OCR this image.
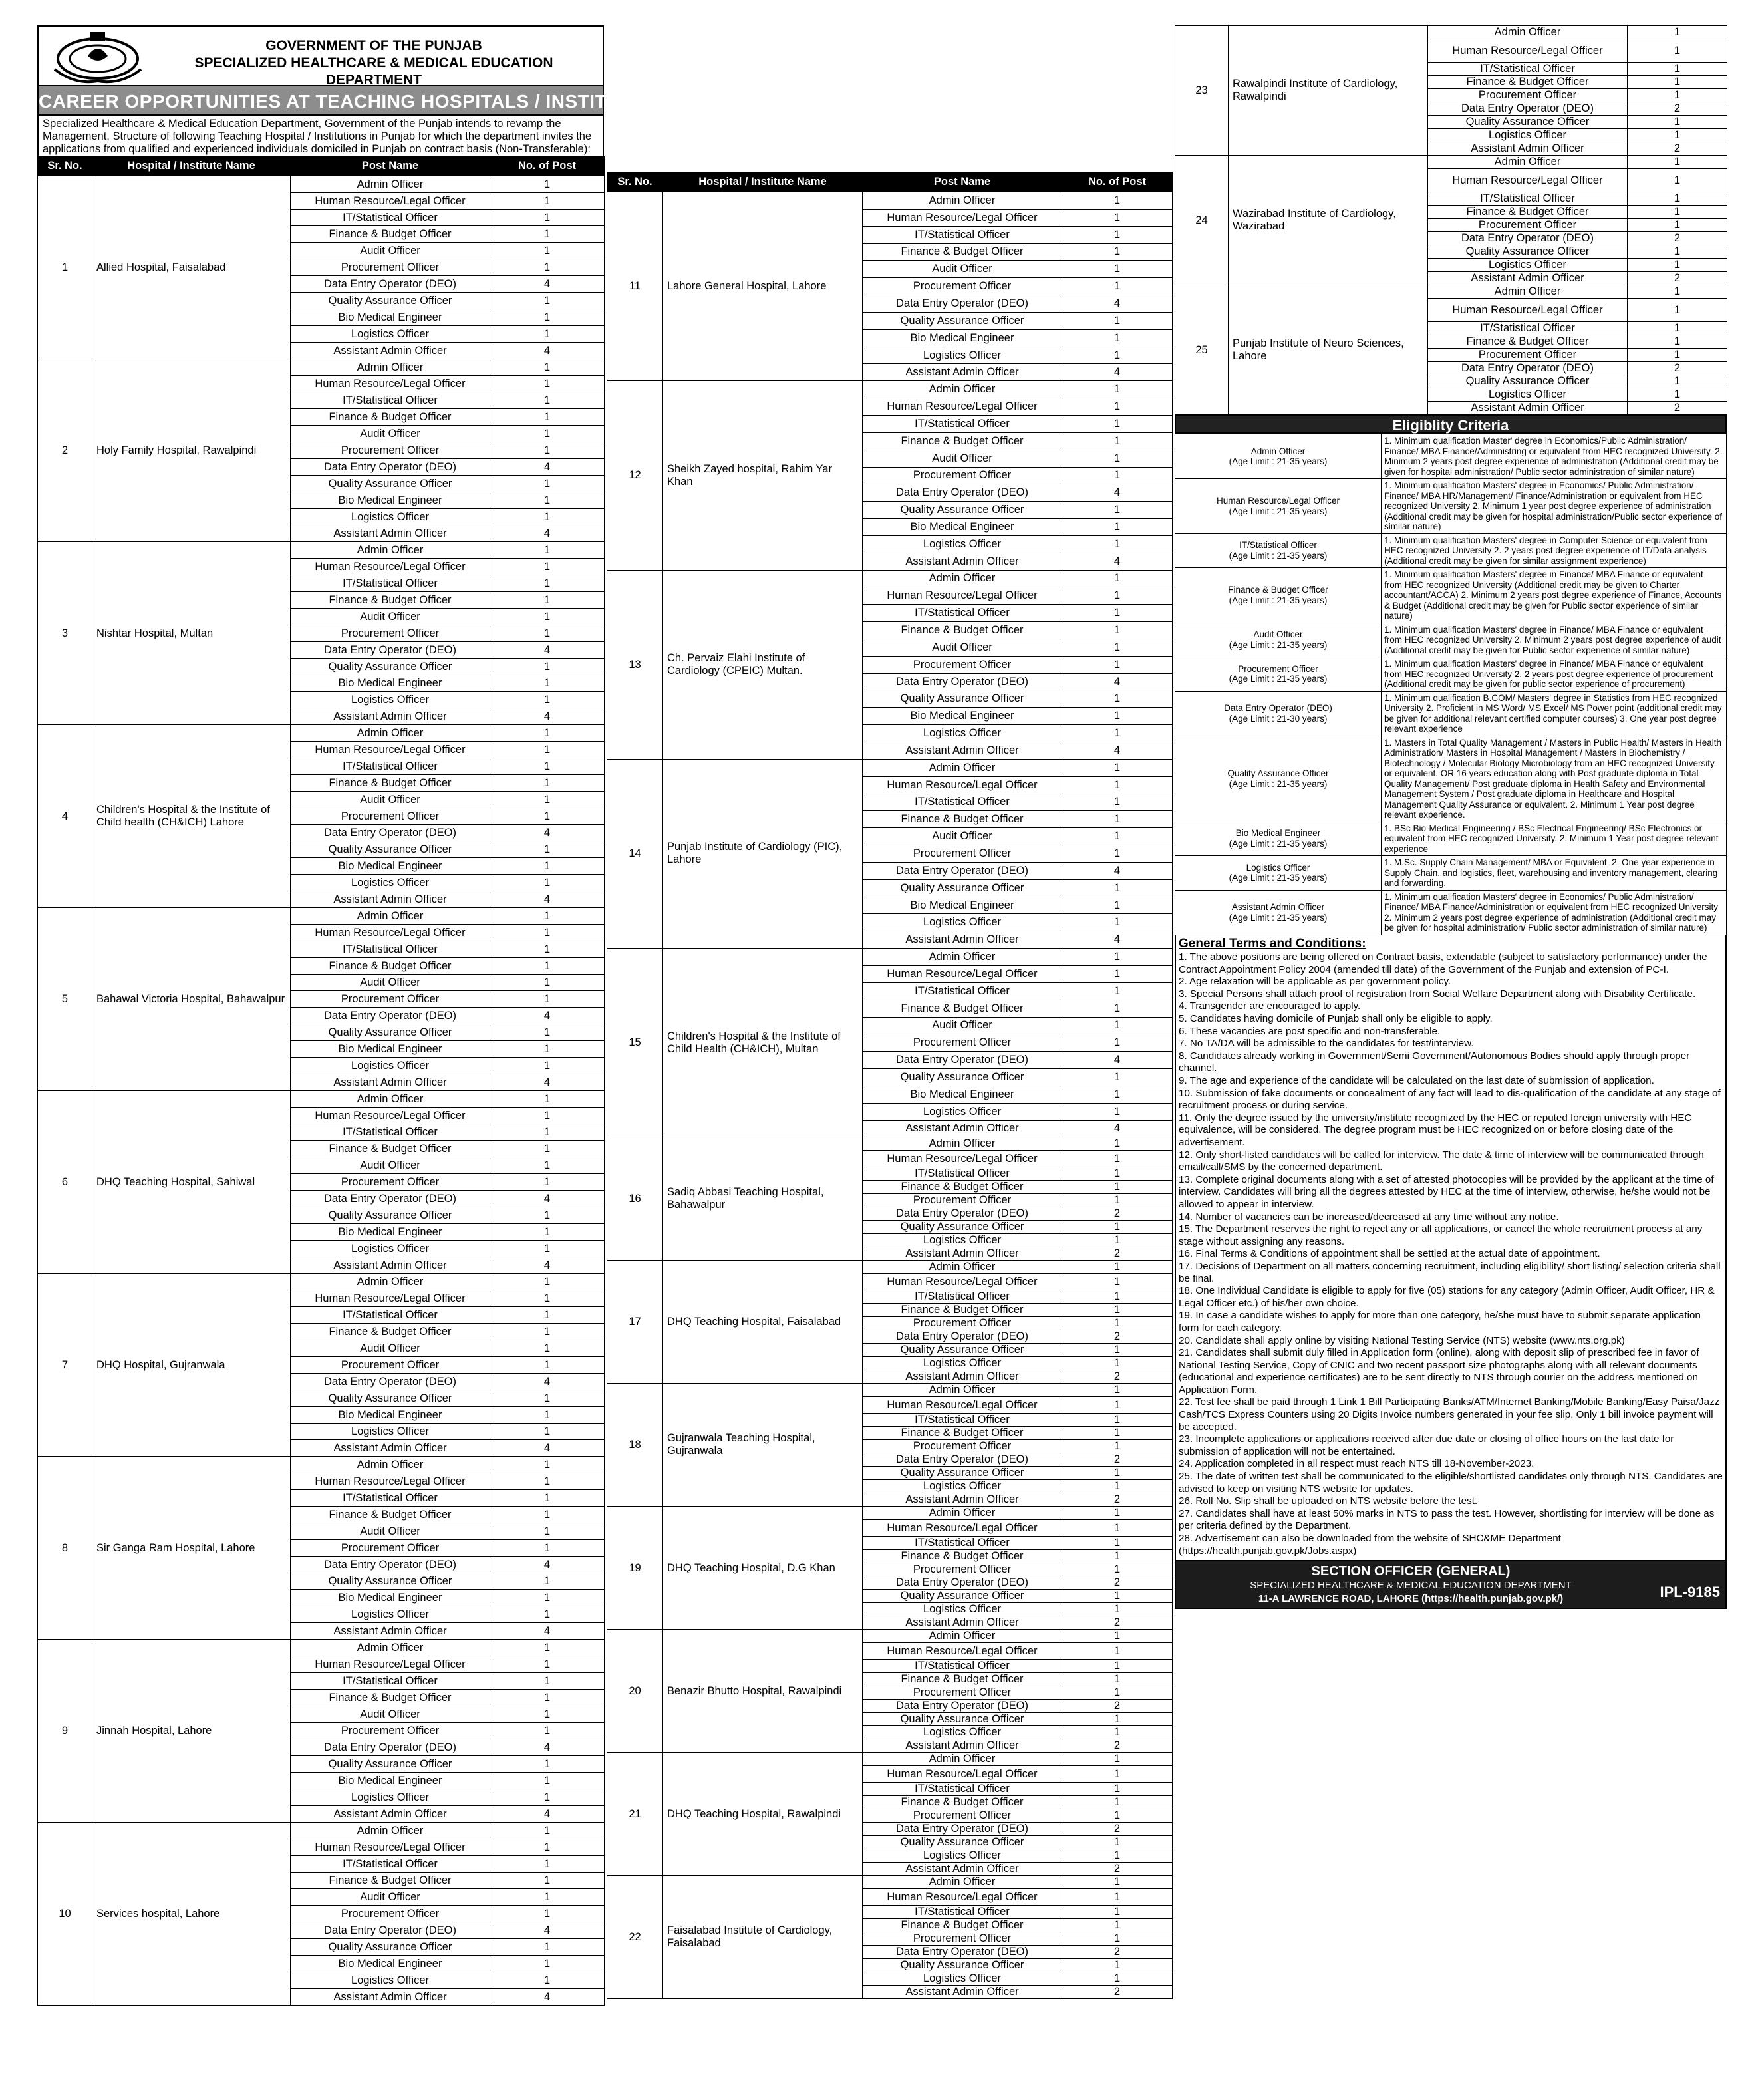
GOVERNMENT OF THE PUNJAB
SPECIALIZED HEALTHCARE & MEDICAL EDUCATION DEPARTMENT
CAREER OPPORTUNITIES AT TEACHING HOSPITALS / INSTITUTES UNDER SHC&ME DEPARTMENT
Specialized Healthcare & Medical Education Department, Government of the Punjab intends to revamp the Management, Structure of following Teaching Hospital / Institutions in Punjab for which the department invites the applications from qualified and experienced individuals domiciled in Punjab on contract basis (Non-Transferable):
Sr. No.	Hospital / Institute Name	Post Name	No. of Post
1	Allied Hospital, Faisalabad	Admin Officer	1
		Human Resource/Legal Officer	1
		IT/Statistical Officer	1
		Finance & Budget Officer	1
		Audit Officer	1
		Procurement Officer	1
		Data Entry Operator (DEO)	4
		Quality Assurance Officer	1
		Bio Medical Engineer	1
		Logistics Officer	1
		Assistant Admin Officer	4
2	Holy Family Hospital, Rawalpindi	Admin Officer	1
		Human Resource/Legal Officer	1
		IT/Statistical Officer	1
		Finance & Budget Officer	1
		Audit Officer	1
		Procurement Officer	1
		Data Entry Operator (DEO)	4
		Quality Assurance Officer	1
		Bio Medical Engineer	1
		Logistics Officer	1
		Assistant Admin Officer	4
3	Nishtar Hospital, Multan	Admin Officer	1
		Human Resource/Legal Officer	1
		IT/Statistical Officer	1
		Finance & Budget Officer	1
		Audit Officer	1
		Procurement Officer	1
		Data Entry Operator (DEO)	4
		Quality Assurance Officer	1
		Bio Medical Engineer	1
		Logistics Officer	1
		Assistant Admin Officer	4
4	Children's Hospital & the Institute of Child health (CH&ICH) Lahore	Admin Officer	1
		Human Resource/Legal Officer	1
		IT/Statistical Officer	1
		Finance & Budget Officer	1
		Audit Officer	1
		Procurement Officer	1
		Data Entry Operator (DEO)	4
		Quality Assurance Officer	1
		Bio Medical Engineer	1
		Logistics Officer	1
		Assistant Admin Officer	4
5	Bahawal Victoria Hospital, Bahawalpur	Admin Officer	1
		Human Resource/Legal Officer	1
		IT/Statistical Officer	1
		Finance & Budget Officer	1
		Audit Officer	1
		Procurement Officer	1
		Data Entry Operator (DEO)	4
		Quality Assurance Officer	1
		Bio Medical Engineer	1
		Logistics Officer	1
		Assistant Admin Officer	4
6	DHQ Teaching Hospital, Sahiwal	Admin Officer	1
		Human Resource/Legal Officer	1
		IT/Statistical Officer	1
		Finance & Budget Officer	1
		Audit Officer	1
		Procurement Officer	1
		Data Entry Operator (DEO)	4
		Quality Assurance Officer	1
		Bio Medical Engineer	1
		Logistics Officer	1
		Assistant Admin Officer	4
7	DHQ Hospital, Gujranwala	Admin Officer	1
		Human Resource/Legal Officer	1
		IT/Statistical Officer	1
		Finance & Budget Officer	1
		Audit Officer	1
		Procurement Officer	1
		Data Entry Operator (DEO)	4
		Quality Assurance Officer	1
		Bio Medical Engineer	1
		Logistics Officer	1
		Assistant Admin Officer	4
8	Sir Ganga Ram Hospital, Lahore	Admin Officer	1
		Human Resource/Legal Officer	1
		IT/Statistical Officer	1
		Finance & Budget Officer	1
		Audit Officer	1
		Procurement Officer	1
		Data Entry Operator (DEO)	4
		Quality Assurance Officer	1
		Bio Medical Engineer	1
		Logistics Officer	1
		Assistant Admin Officer	4
9	Jinnah Hospital, Lahore	Admin Officer	1
		Human Resource/Legal Officer	1
		IT/Statistical Officer	1
		Finance & Budget Officer	1
		Audit Officer	1
		Procurement Officer	1
		Data Entry Operator (DEO)	4
		Quality Assurance Officer	1
		Bio Medical Engineer	1
		Logistics Officer	1
		Assistant Admin Officer	4
10	Services hospital, Lahore	Admin Officer	1
		Human Resource/Legal Officer	1
		IT/Statistical Officer	1
		Finance & Budget Officer	1
		Audit Officer	1
		Procurement Officer	1
		Data Entry Operator (DEO)	4
		Quality Assurance Officer	1
		Bio Medical Engineer	1
		Logistics Officer	1
		Assistant Admin Officer	4
Sr. No.	Hospital / Institute Name	Post Name	No. of Post
11	Lahore General Hospital, Lahore	Admin Officer	1
		Human Resource/Legal Officer	1
		IT/Statistical Officer	1
		Finance & Budget Officer	1
		Audit Officer	1
		Procurement Officer	1
		Data Entry Operator (DEO)	4
		Quality Assurance Officer	1
		Bio Medical Engineer	1
		Logistics Officer	1
		Assistant Admin Officer	4
12	Sheikh Zayed hospital, Rahim Yar Khan	Admin Officer	1
		Human Resource/Legal Officer	1
		IT/Statistical Officer	1
		Finance & Budget Officer	1
		Audit Officer	1
		Procurement Officer	1
		Data Entry Operator (DEO)	4
		Quality Assurance Officer	1
		Bio Medical Engineer	1
		Logistics Officer	1
		Assistant Admin Officer	4
13	Ch. Pervaiz Elahi Institute of Cardiology (CPEIC) Multan.	Admin Officer	1
		Human Resource/Legal Officer	1
		IT/Statistical Officer	1
		Finance & Budget Officer	1
		Audit Officer	1
		Procurement Officer	1
		Data Entry Operator (DEO)	4
		Quality Assurance Officer	1
		Bio Medical Engineer	1
		Logistics Officer	1
		Assistant Admin Officer	4
14	Punjab Institute of Cardiology (PIC), Lahore	Admin Officer	1
		Human Resource/Legal Officer	1
		IT/Statistical Officer	1
		Finance & Budget Officer	1
		Audit Officer	1
		Procurement Officer	1
		Data Entry Operator (DEO)	4
		Quality Assurance Officer	1
		Bio Medical Engineer	1
		Logistics Officer	1
		Assistant Admin Officer	4
15	Children's Hospital & the Institute of Child Health (CH&ICH), Multan	Admin Officer	1
		Human Resource/Legal Officer	1
		IT/Statistical Officer	1
		Finance & Budget Officer	1
		Audit Officer	1
		Procurement Officer	1
		Data Entry Operator (DEO)	4
		Quality Assurance Officer	1
		Bio Medical Engineer	1
		Logistics Officer	1
		Assistant Admin Officer	4
16	Sadiq Abbasi Teaching Hospital, Bahawalpur	Admin Officer	1
		Human Resource/Legal Officer	1
		IT/Statistical Officer	1
		Finance & Budget Officer	1
		Procurement Officer	1
		Data Entry Operator (DEO)	2
		Quality Assurance Officer	1
		Logistics Officer	1
		Assistant Admin Officer	2
17	DHQ Teaching Hospital, Faisalabad	Admin Officer	1
		Human Resource/Legal Officer	1
		IT/Statistical Officer	1
		Finance & Budget Officer	1
		Procurement Officer	1
		Data Entry Operator (DEO)	2
		Quality Assurance Officer	1
		Logistics Officer	1
		Assistant Admin Officer	2
18	Gujranwala Teaching Hospital, Gujranwala	Admin Officer	1
		Human Resource/Legal Officer	1
		IT/Statistical Officer	1
		Finance & Budget Officer	1
		Procurement Officer	1
		Data Entry Operator (DEO)	2
		Quality Assurance Officer	1
		Logistics Officer	1
		Assistant Admin Officer	2
19	DHQ Teaching Hospital, D.G Khan	Admin Officer	1
		Human Resource/Legal Officer	1
		IT/Statistical Officer	1
		Finance & Budget Officer	1
		Procurement Officer	1
		Data Entry Operator (DEO)	2
		Quality Assurance Officer	1
		Logistics Officer	1
		Assistant Admin Officer	2
20	Benazir Bhutto Hospital, Rawalpindi	Admin Officer	1
		Human Resource/Legal Officer	1
		IT/Statistical Officer	1
		Finance & Budget Officer	1
		Procurement Officer	1
		Data Entry Operator (DEO)	2
		Quality Assurance Officer	1
		Logistics Officer	1
		Assistant Admin Officer	2
21	DHQ Teaching Hospital, Rawalpindi	Admin Officer	1
		Human Resource/Legal Officer	1
		IT/Statistical Officer	1
		Finance & Budget Officer	1
		Procurement Officer	1
		Data Entry Operator (DEO)	2
		Quality Assurance Officer	1
		Logistics Officer	1
		Assistant Admin Officer	2
22	Faisalabad Institute of Cardiology, Faisalabad	Admin Officer	1
		Human Resource/Legal Officer	1
		IT/Statistical Officer	1
		Finance & Budget Officer	1
		Procurement Officer	1
		Data Entry Operator (DEO)	2
		Quality Assurance Officer	1
		Logistics Officer	1
		Assistant Admin Officer	2
23	Rawalpindi Institute of Cardiology, Rawalpindi	Admin Officer	1
		Human Resource/Legal Officer	1
		IT/Statistical Officer	1
		Finance & Budget Officer	1
		Procurement Officer	1
		Data Entry Operator (DEO)	2
		Quality Assurance Officer	1
		Logistics Officer	1
		Assistant Admin Officer	2
24	Wazirabad Institute of Cardiology, Wazirabad	Admin Officer	1
		Human Resource/Legal Officer	1
		IT/Statistical Officer	1
		Finance & Budget Officer	1
		Procurement Officer	1
		Data Entry Operator (DEO)	2
		Quality Assurance Officer	1
		Logistics Officer	1
		Assistant Admin Officer	2
25	Punjab Institute of Neuro Sciences, Lahore	Admin Officer	1
		Human Resource/Legal Officer	1
		IT/Statistical Officer	1
		Finance & Budget Officer	1
		Procurement Officer	1
		Data Entry Operator (DEO)	2
		Quality Assurance Officer	1
		Logistics Officer	1
		Assistant Admin Officer	2
Eligiblity Criteria
Admin Officer
(Age Limit : 21-35 years)	1. Minimum qualification Master' degree in Economics/Public Administration/ Finance/ MBA Finance/Administring or equivalent from HEC recognized University. 2. Minimum 2 years post degree experience of administration (Additional credit may be given for hospital administration/ Public sector administration of similar nature)

Human Resource/Legal Officer
(Age Limit : 21-35 years)	1. Minimum qualification Masters' degree in Economics/ Public Administration/ Finance/ MBA HR/Management/ Finance/Administration or equivalent from HEC recognized University 2. Minimum 1 year post degree experience of administration (Additional credit may be given for hospital administration/Public sector experience of similar nature)

IT/Statistical Officer
(Age Limit : 21-35 years)	1. Minimum qualification Masters' degree in Computer Science or equivalent from HEC recognized University 2. 2 years post degree experience of IT/Data analysis (Additional credit may be given for similar assignment experience)

Finance & Budget Officer
(Age Limit : 21-35 years)	1. Minimum qualification Masters' degree in Finance/ MBA Finance or equivalent from HEC recognized University (Additional credit may be given to Charter accountant/ACCA) 2. Minimum 2 years post degree experience of Finance, Accounts & Budget (Additional credit may be given for Public sector experience of similar nature)

Audit Officer
(Age Limit : 21-35 years)	1. Minimum qualification Masters' degree in Finance/ MBA Finance or equivalent from HEC recognized University 2. Minimum 2 years post degree experience of audit (Additional credit may be given for Public sector experience of similar nature)

Procurement Officer
(Age Limit : 21-35 years)	1. Minimum qualification Masters' degree in Finance/ MBA Finance or equivalent from HEC recognized University 2. 2 years post degree experience of procurement (Additional credit may be given for public sector experience of procurement)

Data Entry Operator (DEO)
(Age Limit : 21-30 years)	1. Minimum qualification B.COM/ Masters' degree in Statistics from HEC recognized University 2. Proficient in MS Word/ MS Excel/ MS Power point (additional credit may be given for additional relevant certified computer courses) 3. One year post degree relevant experience

Quality Assurance Officer
(Age Limit : 21-35 years)	1. Masters in Total Quality Management / Masters in Public Health/ Masters in Health Administration/ Masters in Hospital Management / Masters in Biochemistry / Biotechnology / Molecular Biology Microbiology from an HEC recognized University or equivalent. OR 16 years education along with Post graduate diploma in Total Quality Management/ Post graduate diploma in Health Safety and Environmental Management System / Post graduate diploma in Healthcare and Hospital Management Quality Assurance or equivalent. 2. Minimum 1 Year post degree relevant experience.

Bio Medical Engineer
(Age Limit : 21-35 years)	1. BSc Bio-Medical Engineering / BSc Electrical Engineering/ BSc Electronics or equivalent from HEC recognized University. 2. Minimum 1 Year post degree relevant experience

Logistics Officer
(Age Limit : 21-35 years)	1. M.Sc. Supply Chain Management/ MBA or Equivalent. 2. One year experience in Supply Chain, and logistics, fleet, warehousing and inventory management, clearing and forwarding.

Assistant Admin Officer
(Age Limit : 21-35 years)	1. Minimum qualification Masters' degree in Economics/ Public Administration/ Finance/ MBA Finance/Administration or equivalent from HEC recognized University 2. Minimum 2 years post degree experience of administration (Additional credit may be given for hospital administration/ Public sector administration of similar nature)
General Terms and Conditions:
1. The above positions are being offered on Contract basis, extendable (subject to satisfactory performance) under the Contract Appointment Policy 2004 (amended till date) of the Government of the Punjab and extension of PC-I.
2. Age relaxation will be applicable as per government policy.
3. Special Persons shall attach proof of registration from Social Welfare Department along with Disability Certificate.
4. Transgender are encouraged to apply.
5. Candidates having domicile of Punjab shall only be eligible to apply.
6. These vacancies are post specific and non-transferable.
7. No TA/DA will be admissible to the candidates for test/interview.
8. Candidates already working in Government/Semi Government/Autonomous Bodies should apply through proper channel.
9. The age and experience of the candidate will be calculated on the last date of submission of application.
10. Submission of fake documents or concealment of any fact will lead to dis-qualification of the candidate at any stage of recruitment process or during service.
11. Only the degree issued by the university/institute recognized by the HEC or reputed foreign university with HEC equivalence, will be considered. The degree program must be HEC recognized on or before closing date of the advertisement.
12. Only short-listed candidates will be called for interview. The date & time of interview will be communicated through email/call/SMS by the concerned department.
13. Complete original documents along with a set of attested photocopies will be provided by the applicant at the time of interview. Candidates will bring all the degrees attested by HEC at the time of interview, otherwise, he/she would not be allowed to appear in interview.
14. Number of vacancies can be increased/decreased at any time without any notice.
15. The Department reserves the right to reject any or all applications, or cancel the whole recruitment process at any stage without assigning any reasons.
16. Final Terms & Conditions of appointment shall be settled at the actual date of appointment.
17. Decisions of Department on all matters concerning recruitment, including eligibility/ short listing/ selection criteria shall be final.
18. One Individual Candidate is eligible to apply for five (05) stations for any category (Admin Officer, Audit Officer, HR & Legal Officer etc.) of his/her own choice.
19. In case a candidate wishes to apply for more than one category, he/she must have to submit separate application form for each category.
20. Candidate shall apply online by visiting National Testing Service (NTS) website (www.nts.org.pk)
21. Candidates shall submit duly filled in Application form (online), along with deposit slip of prescribed fee in favor of National Testing Service, Copy of CNIC and two recent passport size photographs along with all relevant documents (educational and experience certificates) are to be sent directly to NTS through courier on the address mentioned on Application Form.
22. Test fee shall be paid through 1 Link 1 Bill Participating Banks/ATM/Internet Banking/Mobile Banking/Easy Paisa/Jazz Cash/TCS Express Counters using 20 Digits Invoice numbers generated in your fee slip. Only 1 bill invoice payment will be accepted.
23. Incomplete applications or applications received after due date or closing of office hours on the last date for submission of application will not be entertained.
24. Application completed in all respect must reach NTS till 18-November-2023.
25. The date of written test shall be communicated to the eligible/shortlisted candidates only through NTS. Candidates are advised to keep on visiting NTS website for updates.
26. Roll No. Slip shall be uploaded on NTS website before the test.
27. Candidates shall have at least 50% marks in NTS to pass the test. However, shortlisting for interview will be done as per criteria defined by the Department.
28. Advertisement can also be downloaded from the website of SHC&ME Department (https://health.punjab.gov.pk/Jobs.aspx)
SECTION OFFICER (GENERAL)
SPECIALIZED HEALTHCARE & MEDICAL EDUCATION DEPARTMENT
11-A LAWRENCE ROAD, LAHORE (https://health.punjab.gov.pk/)	IPL-9185
